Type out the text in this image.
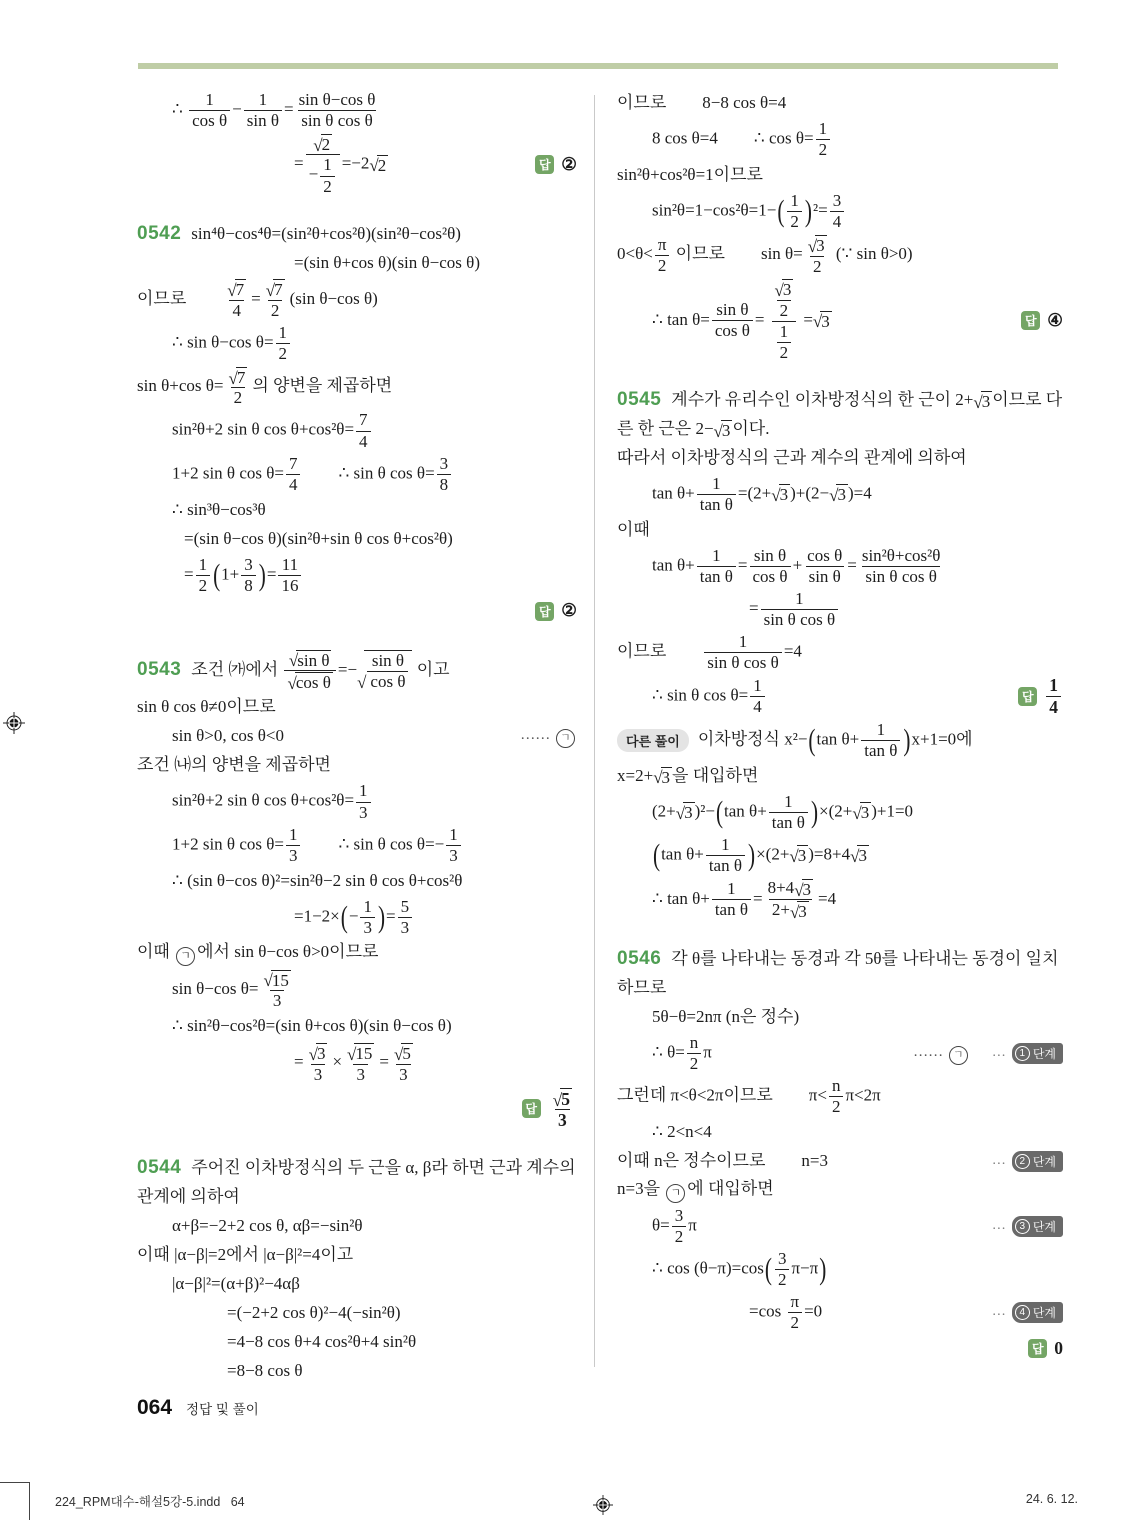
∴ $\frac{1}{\text{cos θ}} - \frac{1}{\text{sin θ}} = \frac{\text{sin θ−cos θ}}{\text{sin θ cos θ}}$
= $\frac{√ 2}{- \frac{1}{2}} =-2$ √ 2	답 ②
0542 sin⁴θ−cos⁴θ=(sin²θ+cos²θ)(sin²θ−cos²θ)
=(sin θ+cos θ)(sin θ−cos θ)
이므로 $\frac{√ 7}{4} = \frac{√ 7}{2} (\sin$ θ−cos θ)
∴ sin θ−cos $\theta= \frac{1}{2}$
sin θ+cos $\theta= \frac{√ 7}{2}$ 의 양변을 제곱하면
sin²θ+2 sin θ $\cos \theta+\cos^2\theta= \frac{7}{4}$
1+2 sin θ $\cos \theta= \frac{7}{4}$ ∴ sin θ $\cos \theta= \frac{3}{8}$
∴ sin³θ−cos³θ
=(sin θ−cos θ)(sin²θ+sin θ cos θ+cos²θ)
= $\frac{1}{2}$ ( $1+ \frac{3}{8}$ ) = $\frac{11}{16}$
답 ②
0543 조건 ㈎에서 $\frac{\text{√ sin θ}}{\text{√ cos θ}}$ =−
√ $\frac{\text{sin θ}}{\text{cos θ}}$ 이고
sin θ cos θ≠0이므로
sin θ>0, cos θ<0	…… ㄱ
조건 ㈏의 양변을 제곱하면
sin²θ+2 sin θ $\cos \theta+\cos^2\theta= \frac{1}{3}$
1+2 sin θ $\cos \theta= \frac{1}{3}$ ∴ sin θ $\cos \theta=- \frac{1}{3}$
∴ (sin θ−cos θ)²=sin²θ−2 sin θ cos θ+cos²θ
=1−2× ( − $\frac{1}{3}$ ) = $\frac{5}{3}$
이때 ㄱ 에서 sin θ−cos θ>0이므로
sin θ−cos $\theta= \frac{√ 15}{3}$
∴ sin²θ−cos²θ=(sin θ+cos θ)(sin θ−cos θ)
= $\frac{√ 3}{3} \times \frac{√ 15}{3} = \frac{√ 5}{3}$
답 $\frac{√ 5}{3}$
0544 주어진 이차방정식의 두 근을 α, β라 하면 근과 계수의
관계에 의하여
α+β=−2+2 cos θ, αβ=−sin²θ
이때 |α−β|=2에서 |α−β|²=4이고
|α−β|²=(α+β)²−4αβ
=(−2+2 cos θ)²−4(−sin²θ)
=4−8 cos θ+4 cos²θ+4 sin²θ
=8−8 cos θ
이므로 8−8 cos θ=4
8 cos θ=4 ∴ $\cos \theta= \frac{1}{2}$
sin²θ+cos²θ=1이므로
sin²θ=1−cos²θ=1− ( $\frac{1}{2}$ ) $^2= \frac{3}{4}$
$0<\theta< \frac{\pi}{2}$ 이므로 $\sin \theta= \frac{√ 3}{2}$ (∵ sin θ>0)
∴ $\tan \theta= \frac{\text{sin θ}}{\text{cos θ}} = \frac{\frac{√ 3}{2}}{\frac{1}{2}}$ = √ 3	답 ④
0545 계수가 유리수인 이차방정식의 한 근이 2+ √ 3 이므로 다
른 한 근은 2− √ 3 이다.
따라서 이차방정식의 근과 계수의 관계에 의하여
$\tan \theta+ \frac{1}{\text{tan θ}} =(2+$ √ 3 )+(2− √ 3 )=4
이때
$\tan \theta+ \frac{1}{\text{tan θ}} = \frac{\text{sin θ}}{\text{cos θ}} + \frac{\text{cos θ}}{\text{sin θ}} = \frac{\text{sin²θ+cos²θ}}{\text{sin θ cos θ}}$
= $\frac{1}{\text{sin θ cos θ}}$
이므로 $\frac{1}{\text{sin θ cos θ}} =4$
∴ sin θ $\cos \theta= \frac{1}{4}$	답 $\frac{1}{4}$
다른 풀이 이차방정식 x²− ( $\tan \theta+ \frac{1}{\text{tan θ}}$ ) x+1=0에
x=2+ √ 3 을 대입하면
(2+ √ 3 )²− ( $\tan \theta+ \frac{1}{\text{tan θ}}$ ) ×(2+ √ 3 )+1=0
( $\tan \theta+ \frac{1}{\text{tan θ}}$ ) ×(2+ √ 3 )=8+4 √ 3
∴ $\tan \theta+ \frac{1}{\text{tan θ}} = \frac{8+4 √ 3}{2+ √ 3} =4$
0546 각 θ를 나타내는 동경과 각 5θ를 나타내는 동경이 일치
하므로
5θ−θ=2nπ (n은 정수)
∴ $\theta= \frac{n}{2}$ π	…… ㄱ	…	1 단계
그런데 π<θ<2π이므로 $\pi< \frac{n}{2} \pi<2\pi$
∴ 2<n<4
이때 n은 정수이므로 n=3	…	2 단계
n=3을 ㄱ 에 대입하면
$\theta= \frac{3}{2}$ π	…	3 단계
∴ cos (θ−π)=cos ( $\frac{3}{2} \pi-\pi$ )
$=\cos \frac{\pi}{2} =0$	…	4 단계
답 0
064 정답 및 풀이
224_RPM대수-해설5강-5.indd   64	24. 6. 12.
